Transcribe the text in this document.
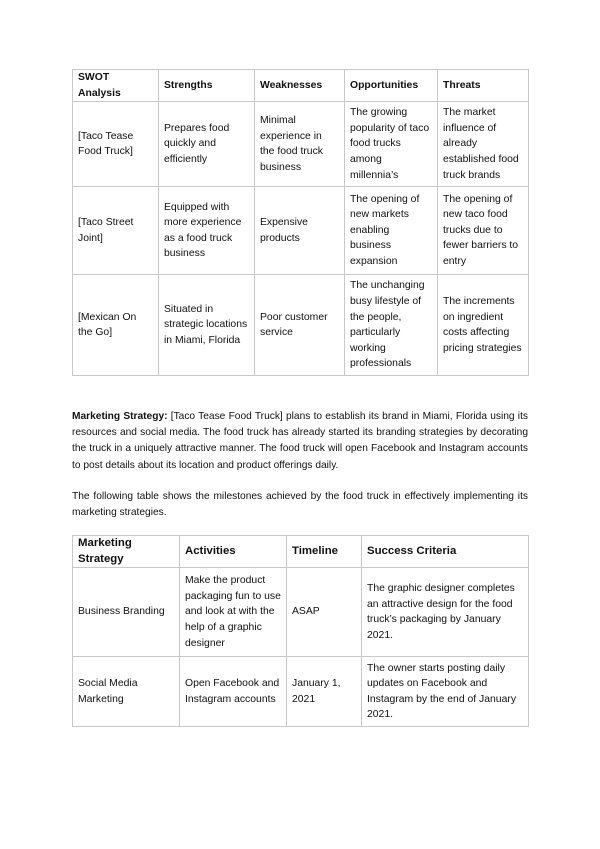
SWOT Analysis	Strengths	Weaknesses	Opportunities	Threats
[Taco Tease Food Truck]	Prepares food quickly and efficiently	Minimal experience in the food truck business	The growing popularity of taco food trucks among millennia’s	The market influence of already established food truck brands
[Taco Street Joint]	Equipped with more experience as a food truck business	Expensive products	The opening of new markets enabling business expansion	The opening of new taco food trucks due to fewer barriers to entry
[Mexican On the Go]	Situated in strategic locations in Miami, Florida	Poor customer service	The unchanging busy lifestyle of the people, particularly working professionals	The increments on ingredient costs affecting pricing strategies

Marketing Strategy: [Taco Tease Food Truck] plans to establish its brand in Miami, Florida using its resources and social media. The food truck has already started its branding strategies by decorating the truck in a uniquely attractive manner. The food truck will open Facebook and Instagram accounts to post details about its location and product offerings daily.

The following table shows the milestones achieved by the food truck in effectively implementing its marketing strategies.

Marketing Strategy	Activities	Timeline	Success Criteria
Business Branding	Make the product packaging fun to use and look at with the help of a graphic designer	ASAP	The graphic designer completes an attractive design for the food truck’s packaging by January 2021.
Social Media Marketing	Open Facebook and Instagram accounts	January 1, 2021	The owner starts posting daily updates on Facebook and Instagram by the end of January 2021.
